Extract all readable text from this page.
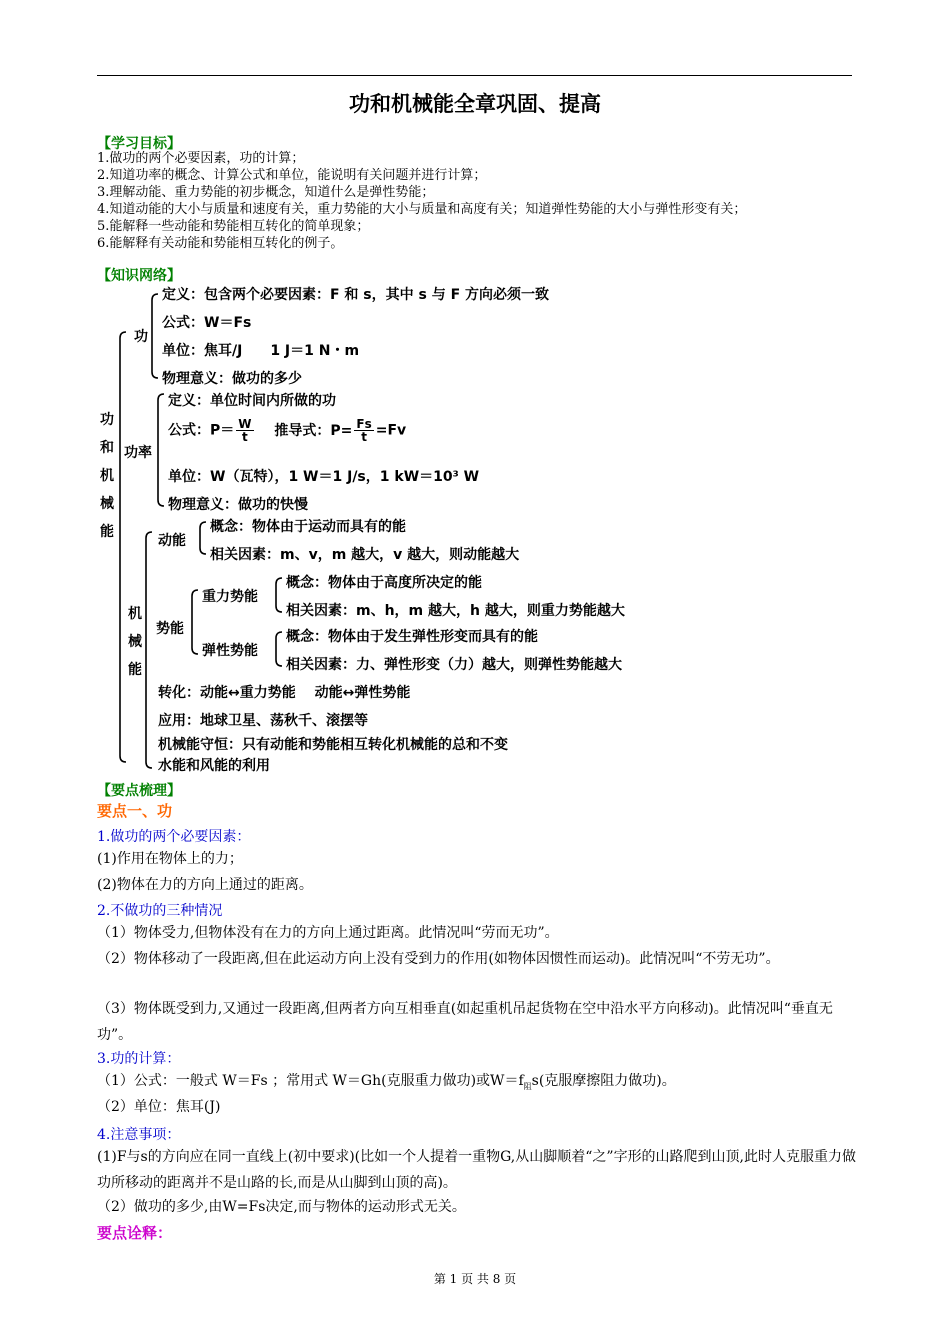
功和机械能全章巩固、提高
【学习目标】
1.做功的两个必要因素，功的计算；
2.知道功率的概念、计算公式和单位，能说明有关问题并进行计算；
3.理解动能、重力势能的初步概念，知道什么是弹性势能；
4.知道动能的大小与质量和速度有关，重力势能的大小与质量和高度有关；知道弹性势能的大小与弹性形变有关；
5.能解释一些动能和势能相互转化的简单现象；
6.能解释有关动能和势能相互转化的例子。
【知识网络】
功
和
机
械
能
功
定义：包含两个必要因素：F 和 s，其中 s 与 F 方向必须一致
公式：W＝Fs
单位：焦耳/J　　1 J＝1 N・m
物理意义：做功的多少
功率
定义：单位时间内所做的功
公式：$P= \frac{W}{t}$ 推导式：$P= \frac{Fs}{t} =Fv$
单位：W（瓦特），1 W＝1 J/s，1 kW＝10³ W
物理意义：做功的快慢
机
械
能
动能
概念：物体由于运动而具有的能
相关因素：m、v，m 越大，v 越大，则动能越大
势能
重力势能
概念：物体由于高度所决定的能
相关因素：m、h，m 越大，h 越大，则重力势能越大
弹性势能
概念：物体由于发生弹性形变而具有的能
相关因素：力、弹性形变（力）越大，则弹性势能越大
转化：动能↔重力势能　 动能↔弹性势能
应用：地球卫星、荡秋千、滚摆等
机械能守恒：只有动能和势能相互转化机械能的总和不变
水能和风能的利用
【要点梳理】
要点一、功
1.做功的两个必要因素：
(1)作用在物体上的力；
(2)物体在力的方向上通过的距离。
2.不做功的三种情况
（1）物体受力,但物体没有在力的方向上通过距离。此情况叫“劳而无功”。
（2）物体移动了一段距离,但在此运动方向上没有受到力的作用(如物体因惯性而运动)。此情况叫“不劳无功”。
（3）物体既受到力,又通过一段距离,但两者方向互相垂直(如起重机吊起货物在空中沿水平方向移动)。此情况叫“垂直无功”。
3.功的计算：
（1）公式：一般式 W＝Fs ；常用式 W＝Gh(克服重力做功)或$W=f_阻s$(克服摩擦阻力做功)。
（2）单位：焦耳(J)
4.注意事项：
(1)F与s的方向应在同一直线上(初中要求)(比如一个人提着一重物G,从山脚顺着“之”字形的山路爬到山顶,此时人克服重力做功所移动的距离并不是山路的长,而是从山脚到山顶的高)。
（2）做功的多少,由W=Fs决定,而与物体的运动形式无关。
要点诠释：
第 1 页 共 8 页
